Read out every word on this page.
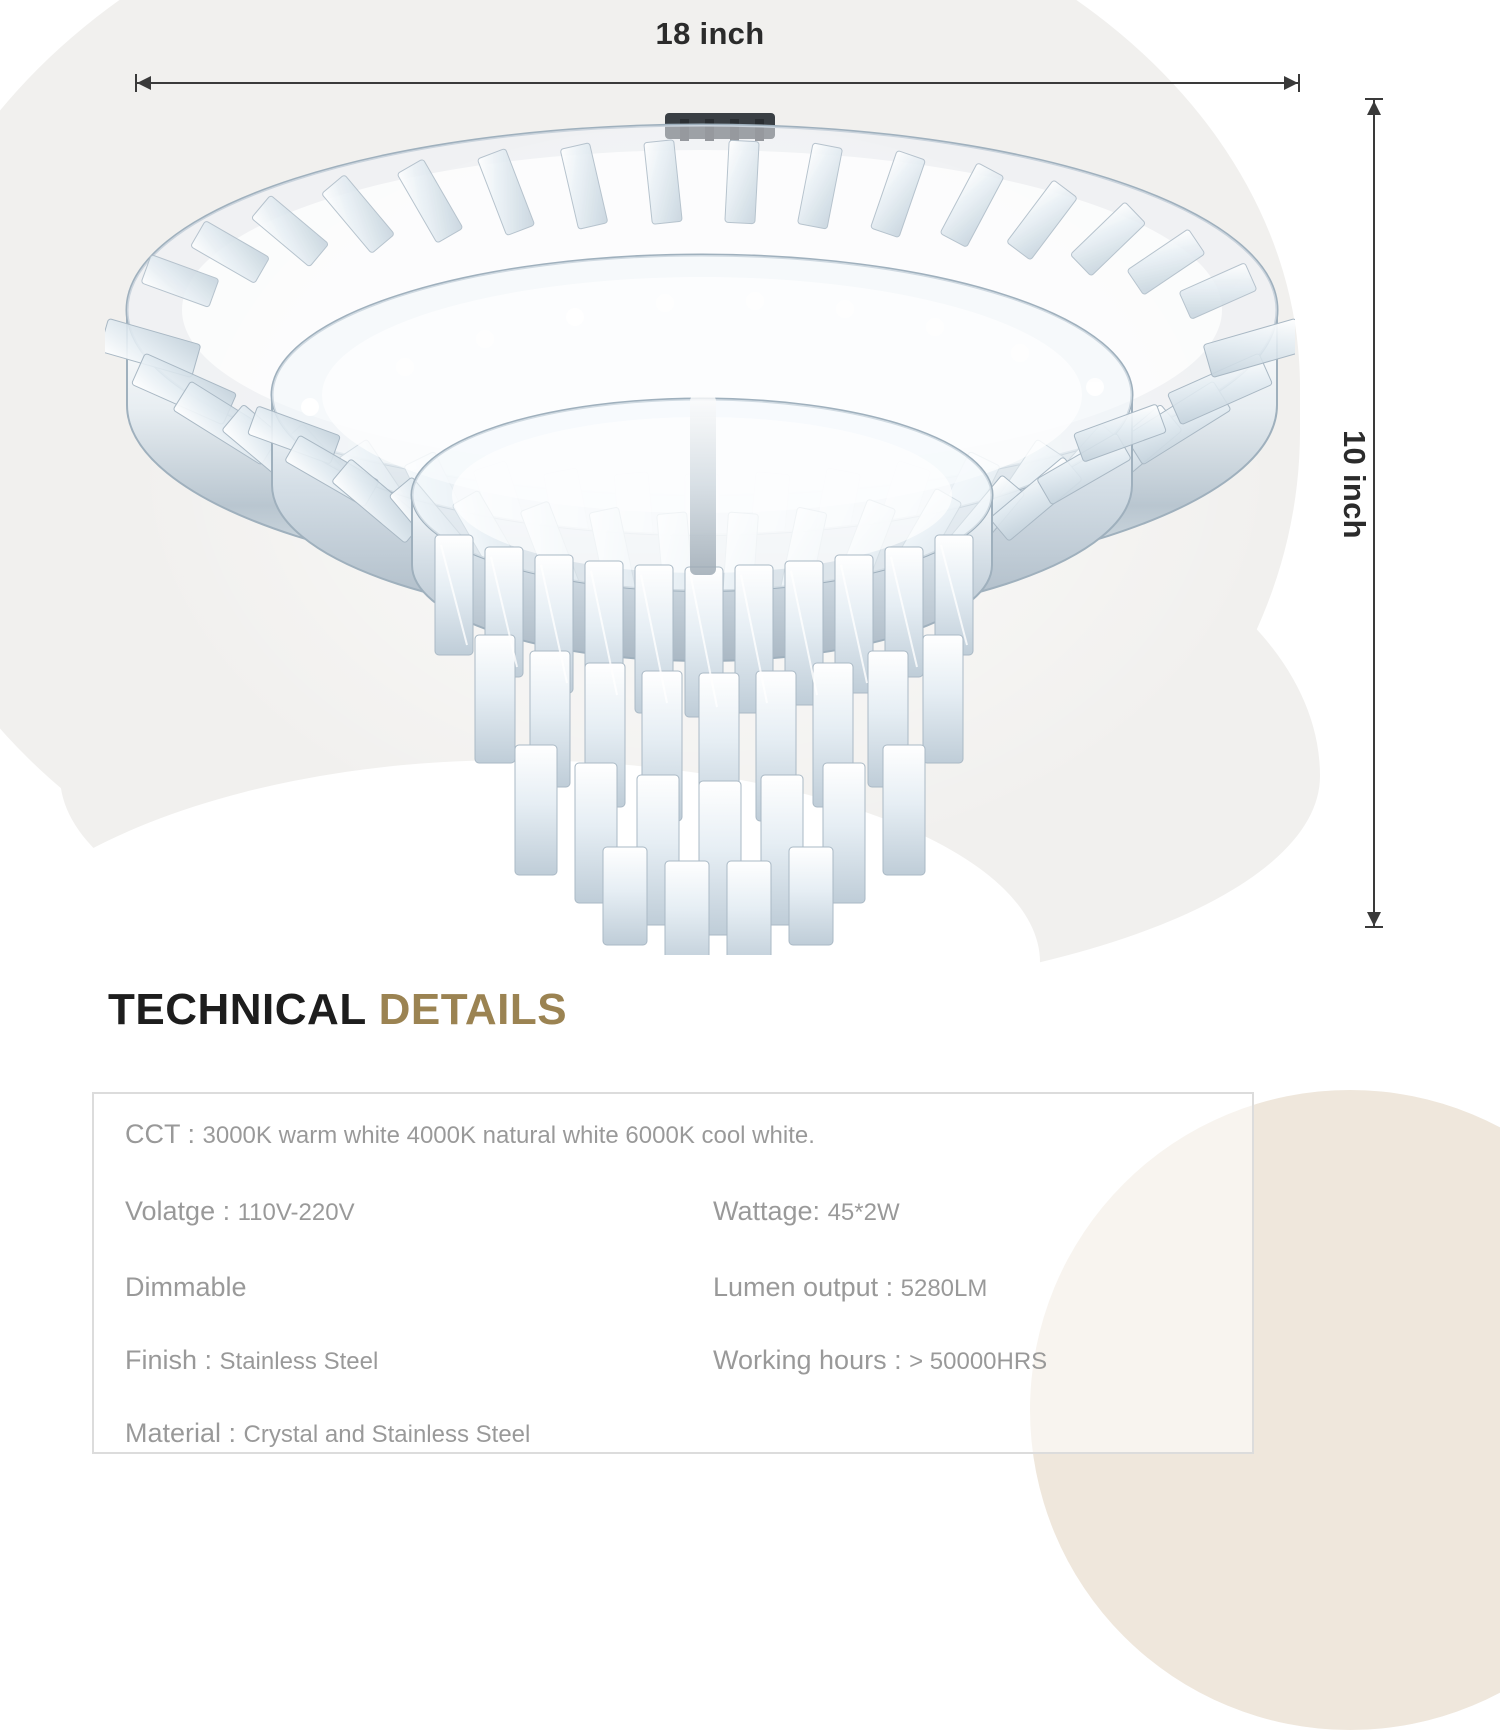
18 inch
10 inch
TECHNICAL DETAILS
